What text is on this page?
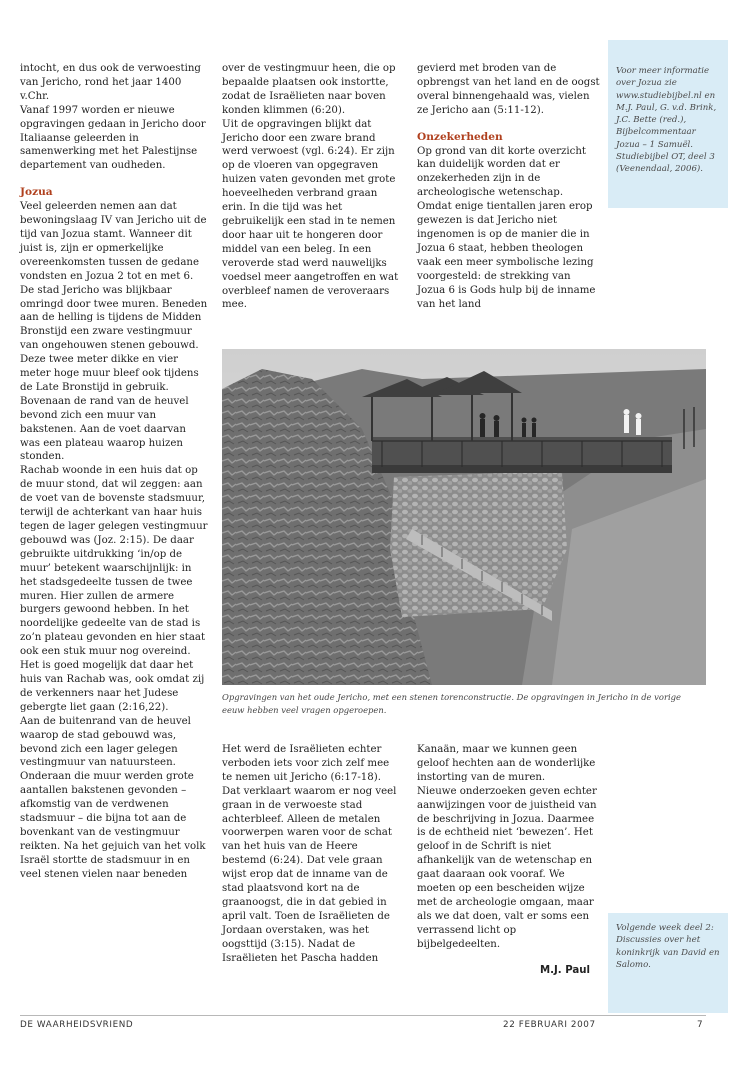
intocht, en dus ook de verwoesting van Jericho, rond het jaar 1400 v.Chr.

Vanaf 1997 worden er nieuwe opgravingen gedaan in Jericho door Italiaanse geleerden in samenwerking met het Palestijnse departement van oudheden.

Jozua

Veel geleerden nemen aan dat bewoningslaag IV van Jericho uit de tijd van Jozua stamt. Wanneer dit juist is, zijn er opmerkelijke overeenkomsten tussen de gedane vondsten en Jozua 2 tot en met 6. De stad Jericho was blijkbaar omringd door twee muren. Beneden aan de helling is tijdens de Midden Bronstijd een zware vestingmuur van ongehouwen stenen gebouwd. Deze twee meter dikke en vier meter hoge muur bleef ook tijdens de Late Bronstijd in gebruik. Bovenaan de rand van de heuvel bevond zich een muur van bakstenen. Aan de voet daarvan was een plateau waarop huizen stonden.

Rachab woonde in een huis dat op de muur stond, dat wil zeggen: aan de voet van de bovenste stadsmuur, terwijl de achterkant van haar huis tegen de lager gelegen vestingmuur gebouwd was (Joz. 2:15). De daar gebruikte uitdrukking ‘in/op de muur’ betekent waarschijnlijk: in het stadsgedeelte tussen de twee muren. Hier zullen de armere burgers gewoond hebben. In het noordelijke gedeelte van de stad is zo’n plateau gevonden en hier staat ook een stuk muur nog overeind. Het is goed mogelijk dat daar het huis van Rachab was, ook omdat zij de verkenners naar het Judese gebergte liet gaan (2:16,22).

Aan de buitenrand van de heuvel waarop de stad gebouwd was, bevond zich een lager gelegen vestingmuur van natuursteen. Onderaan die muur werden grote aantallen bakstenen gevonden – afkomstig van de verdwenen stadsmuur – die bijna tot aan de bovenkant van de vestingmuur reikten. Na het gejuich van het volk Israël stortte de stadsmuur in en veel stenen vielen naar beneden

over de vestingmuur heen, die op bepaalde plaatsen ook instortte, zodat de Israëlieten naar boven konden klimmen (6:20).

Uit de opgravingen blijkt dat Jericho door een zware brand werd verwoest (vgl. 6:24). Er zijn op de vloeren van opgegraven huizen vaten gevonden met grote hoeveelheden verbrand graan erin. In die tijd was het gebruikelijk een stad in te nemen door haar uit te hongeren door middel van een beleg. In een veroverde stad werd nauwelijks voedsel meer aangetroffen en wat overbleef namen de veroveraars mee.

gevierd met broden van de opbrengst van het land en de oogst overal binnengehaald was, vielen ze Jericho aan (5:11-12).

Onzekerheden

Op grond van dit korte overzicht kan duidelijk worden dat er onzekerheden zijn in de archeologische wetenschap. Omdat enige tientallen jaren erop gewezen is dat Jericho niet ingenomen is op de manier die in Jozua 6 staat, hebben theologen vaak een meer symbolische lezing voorgesteld: de strekking van Jozua 6 is Gods hulp bij de inname van het land

Voor meer informatie over Jozua zie www.studiebijbel.nl en M.J. Paul, G. v.d. Brink, J.C. Bette (red.), Bijbelcommentaar Jozua – 1 Samuël. Studiebijbel OT, deel 3 (Veenendaal, 2006).
Opgravingen van het oude Jericho, met een stenen torenconstructie. De opgravingen in Jericho in de vorige eeuw hebben veel vragen opgeroepen.

Het werd de Israëlieten echter verboden iets voor zich zelf mee te nemen uit Jericho (6:17-18). Dat verklaart waarom er nog veel graan in de verwoeste stad achterbleef. Alleen de metalen voorwerpen waren voor de schat van het huis van de Heere bestemd (6:24). Dat vele graan wijst erop dat de inname van de stad plaatsvond kort na de graanoogst, die in dat gebied in april valt. Toen de Israëlieten de Jordaan overstaken, was het oogsttijd (3:15). Nadat de Israëlieten het Pascha hadden

Kanaän, maar we kunnen geen geloof hechten aan de wonderlijke instorting van de muren.

Nieuwe onderzoeken geven echter aanwijzingen voor de juistheid van de beschrijving in Jozua. Daarmee is de echtheid niet ‘bewezen’. Het geloof in de Schrift is niet afhankelijk van de wetenschap en gaat daaraan ook vooraf. We moeten op een bescheiden wijze met de archeologie omgaan, maar als we dat doen, valt er soms een verrassend licht op bijbelgedeelten.

M.J. Paul
Volgende week deel 2: Discussies over het koninkrijk van David en Salomo.
DE WAARHEIDSVRIEND	22 FEBRUARI 2007	7
